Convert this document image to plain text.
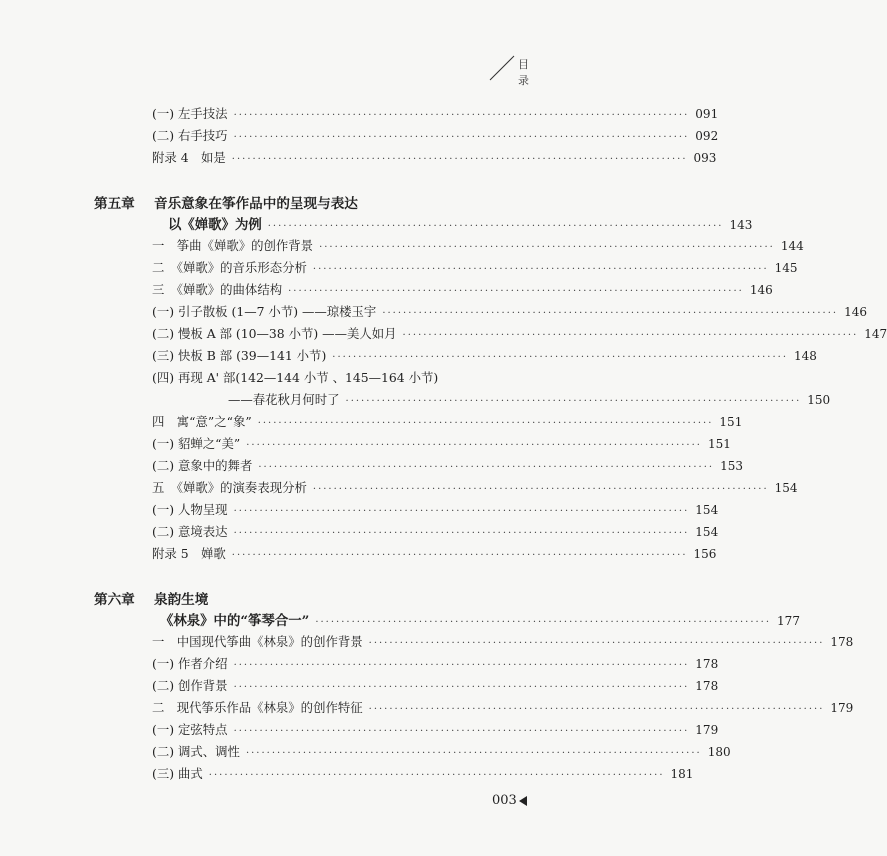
目 录
(一) 左手技法 ························································································ 091
(二) 右手技巧 ························································································ 092
附录 4　如是 ························································································ 093
第五章	音乐意象在筝作品中的呈现与表达
以《婵歌》为例 ························································································ 143
一　筝曲《婵歌》的创作背景 ························································································ 144
二　《婵歌》的音乐形态分析 ························································································ 145
三　《婵歌》的曲体结构 ························································································ 146
(一) 引子散板 (1—7 小节) ——琼楼玉宇 ························································································ 146
(二) 慢板 A 部 (10—38 小节) ——美人如月 ························································································ 147
(三) 快板 B 部 (39—141 小节) ························································································ 148
(四) 再现 A' 部(142—144 小节 、145—164 小节)
——春花秋月何时了 ························································································ 150
四　寓“意”之“象” ························································································ 151
(一) 貂蝉之“美” ························································································ 151
(二) 意象中的舞者 ························································································ 153
五　《婵歌》的演奏表现分析 ························································································ 154
(一) 人物呈现 ························································································ 154
(二) 意境表达 ························································································ 154
附录 5　婵歌 ························································································ 156
第六章	泉韵生境
《林泉》中的“筝琴合一” ························································································ 177
一　中国现代筝曲《林泉》的创作背景 ························································································ 178
(一) 作者介绍 ························································································ 178
(二) 创作背景 ························································································ 178
二　现代筝乐作品《林泉》的创作特征 ························································································ 179
(一) 定弦特点 ························································································ 179
(二) 调式、调性 ························································································ 180
(三) 曲式 ························································································ 181
003
